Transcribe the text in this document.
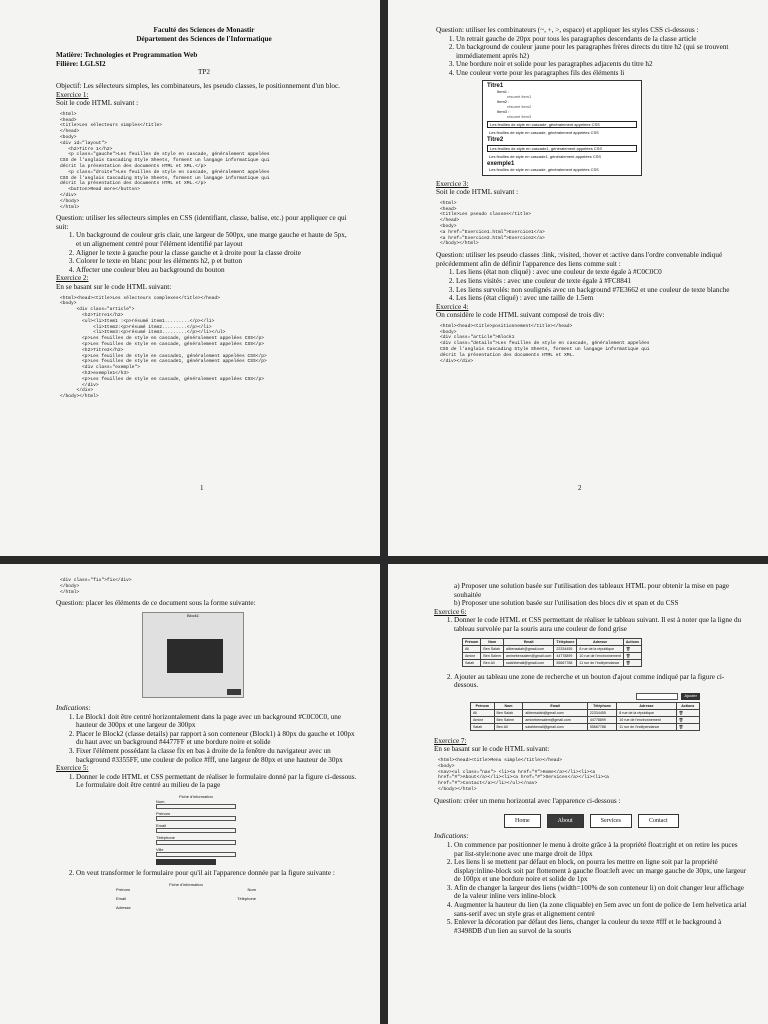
Faculté des Sciences de Monastir

Département des Sciences de l'Informatique

Matière: Technologies et Programmation Web

Filière: LGLSI2

TP2

Objectif: Les sélecteurs simples, les combinateurs, les pseudo classes, le positionnement d'un bloc.

Exercice 1:

Soit le code HTML suivant :

<html>
<head>
<title>Les sélecteurs simples</title>
</head>
<body>
<div id="layout">
<h2>Titre 1</h2>
<p class="gauche">Les feuilles de style en cascade, généralement appelées
CSS de l'anglais Cascading Style Sheets, forment un langage informatique qui
décrit la présentation des documents HTML et XML.</p>
<p class="droite">Les feuilles de style en cascade, généralement appelées
CSS de l'anglais Cascading Style Sheets, forment un langage informatique qui
décrit la présentation des documents HTML et XML.</p>
<button>Read more</button>
</div>
</body>
</html>

Question: utiliser les sélecteurs simples en CSS (identifiant, classe, balise, etc.) pour appliquer ce qui suit:

1. Un background de couleur gris clair, une largeur de 500px, une marge gauche et haute de 5px, et un alignement centré pour l'élément identifié par layout
2. Aligner le texte à gauche pour la classe gauche et à droite pour la classe droite
3. Colorer le texte en blanc pour les éléments h2, p et button
4. Affecter une couleur bleu au background du bouton

Exercice 2:

En se basant sur le code HTML suivant:

<html><head><title>Les sélecteurs complexes</title></head>
<body>
<div class="article">
<h2>Titre1</h2>
<ul><li>Item1 :<p>résumé item1.........</p></li>
<li>Item2:<p>résumé item2.........</p></li>
<li>Item3:<p>résumé item3.........</p></li></ul>
<p>Les feuilles de style en cascade, généralement appelées CSS</p>
<p>Les feuilles de style en cascade, généralement appelées CSS</p>
<h2>Titre2</h2>
<p>Les feuilles de style en cascade1, généralement appelées CSS</p>
<p>Les feuilles de style en cascade1, généralement appelées CSS</p>
<div class="exemple">
<h3>exemple1</h3>
<p>Les feuilles de style en cascade, généralement appelées CSS</p>
</div>
</div>
</body></html>
1

Question: utiliser les combinateurs (~, +, >, espace) et appliquer les styles CSS ci-dessous :

1. Un retrait gauche de 20px pour tous les paragraphes descendants de la classe article
2. Un background de couleur jaune pour les paragraphes frères directs du titre h2 (qui se trouvent immédiatement après h2)
3. Une bordure noir et solide pour les paragraphes adjacents du titre h2
4. Une couleur verte pour les paragraphes fils des éléments li
Titre1
Item1 :
résumé item1
Item2 :
résumé item2
Item3 :
résumé item3
Les feuilles de style en cascade, généralement appelées CSS
Les feuilles de style en cascade, généralement appelées CSS
Titre2
Les feuilles de style en cascade1, généralement appelées CSS
Les feuilles de style en cascade1, généralement appelées CSS
exemple1
Les feuilles de style en cascade, généralement appelées CSS

Exercice 3:

Soit le code HTML suivant :

<html>
<head>
<title>Les pseudo classes</title>
</head>
<body>
<a href="Exercice1.html">Exercice1</a>
<a href="Exercice2.html">Exercice2</a>
</body></html>

Question: utiliser les pseudo classes :link, :visited, :hover et :active dans l'ordre convenable indiqué précédemment afin de définir l'apparence des liens comme suit :

1. Les liens (état non cliqué) : avec une couleur de texte égale à #C0C0C0
2. Les liens visités : avec une couleur de texte égale à #FC8841
3. Les liens survolés: non soulignés avec un background #7E3662 et une couleur de texte blanche
4. Les liens (état cliqué) : avec une taille de 1.5em

Exercice 4:

On considère le code HTML suivant composé de trois div:

<html><head><title>positionnement</title></head>
<body>
<div class="article">Block1
<div class="details">Les feuilles de style en cascade, généralement appelées
CSS de l'anglais Cascading Style Sheets, forment un langage informatique qui
décrit la présentation des documents HTML et XML.
</div></div>
2
<div class="fix">fix</div>
</body>
</html>

Question: placer les éléments de ce document sous la forme suivante:

Block1

Indications:

1. Le Block1 doit être centré horizontalement dans la page avec un background #C0C0C0, une hauteur de 300px et une largeur de 300px
2. Placer le Block2 (classe details) par rapport à son conteneur (Block1) à 80px du gauche et 100px du haut avec un background #4477FF et une bordure noire et solide
3. Fixer l'élément possédant la classe fix en bas à droite de la fenêtre du navigateur avec un background #3355FF, une couleur de police #fff, une largeur de 80px et une hauteur de 30px

Exercice 5:

1. Donner le code HTML et CSS permettant de réaliser le formulaire donné par la figure ci-dessous. Le formulaire doit être centré au milieu de la page
Fiche d'information
Nom
Prénom
Email
Téléphone
Ville
2. On veut transformer le formulaire pour qu'il ait l'apparence donnée par la figure suivante :
Fiche d'information
Prénom	Nom
Email	Téléphone
Adresse

a) Proposer une solution basée sur l'utilisation des tableaux HTML pour obtenir la mise en page souhaitée

b) Proposer une solution basée sur l'utilisation des blocs div et span et du CSS

Exercice 6:

1. Donner le code HTML et CSS permettant de réaliser le tableau suivant. Il est à noter que la ligne du tableau survolée par la souris aura une couleur de fond grise
Prénom	Nom	Email	Téléphone	Adresse	Actions
Ali	Ben Salah	alibensalah@gmail.com	22334455	8 rue de la république	🗑
Amine	Ben Salem	aminebensalem@gmail.com	44778899	10 rue de l'environnement	🗑
Salah	Ben Ali	salahbenali@gmail.com	55667788	11 rue de l'indépendance	🗑
2. Ajouter au tableau une zone de recherche et un bouton d'ajout comme indiqué par la figure ci-dessous.
Ajouter
Prénom	Nom	Email	Téléphone	Adresse	Actions
Ali	Ben Salah	alibensalah@gmail.com	22334455	8 rue de la république	🗑
Amine	Ben Salem	aminebensalem@gmail.com	44778899	10 rue de l'environnement	🗑
Salah	Ben Ali	salahbenali@gmail.com	55667788	11 rue de l'indépendance	🗑

Exercice 7:

En se basant sur le code HTML suivant:

<html><head><title>Menu simple</title></head>
<body>
<nav><ul class="nav"> <li><a href="#">Home</a></li><li><a
href="#">About</a></li><li><a href="#">Services</a></li><li><a
href="#">Contact</a></li></ul></nav>
</body></html>

Question: créer un menu horizontal avec l'apparence ci-dessous :

Home	About	Services	Contact

Indications:

1. On commence par positionner le menu à droite grâce à la propriété float:right et on retire les puces par list-style:none avec une marge droit de 10px
2. Les liens li se mettent par défaut en block, on pourra les mettre en ligne soit par la propriété display:inline-block soit par flottement à gauche float:left avec un marge gauche de 30px, une largeur de 100px et une bordure noire et solide de 1px
3. Afin de changer la largeur des liens (width=100% de son conteneur li) on doit changer leur affichage de la valeur inline vers inline-block
4. Augmenter la hauteur du lien (la zone cliquable) en 5em avec un font de police de 1em helvetica arial sans-serif avec un style gras et alignement centré
5. Enlever la décoration par défaut des liens, changer la couleur du texte #fff et le background à #3498DB d'un lien au survol de la souris
